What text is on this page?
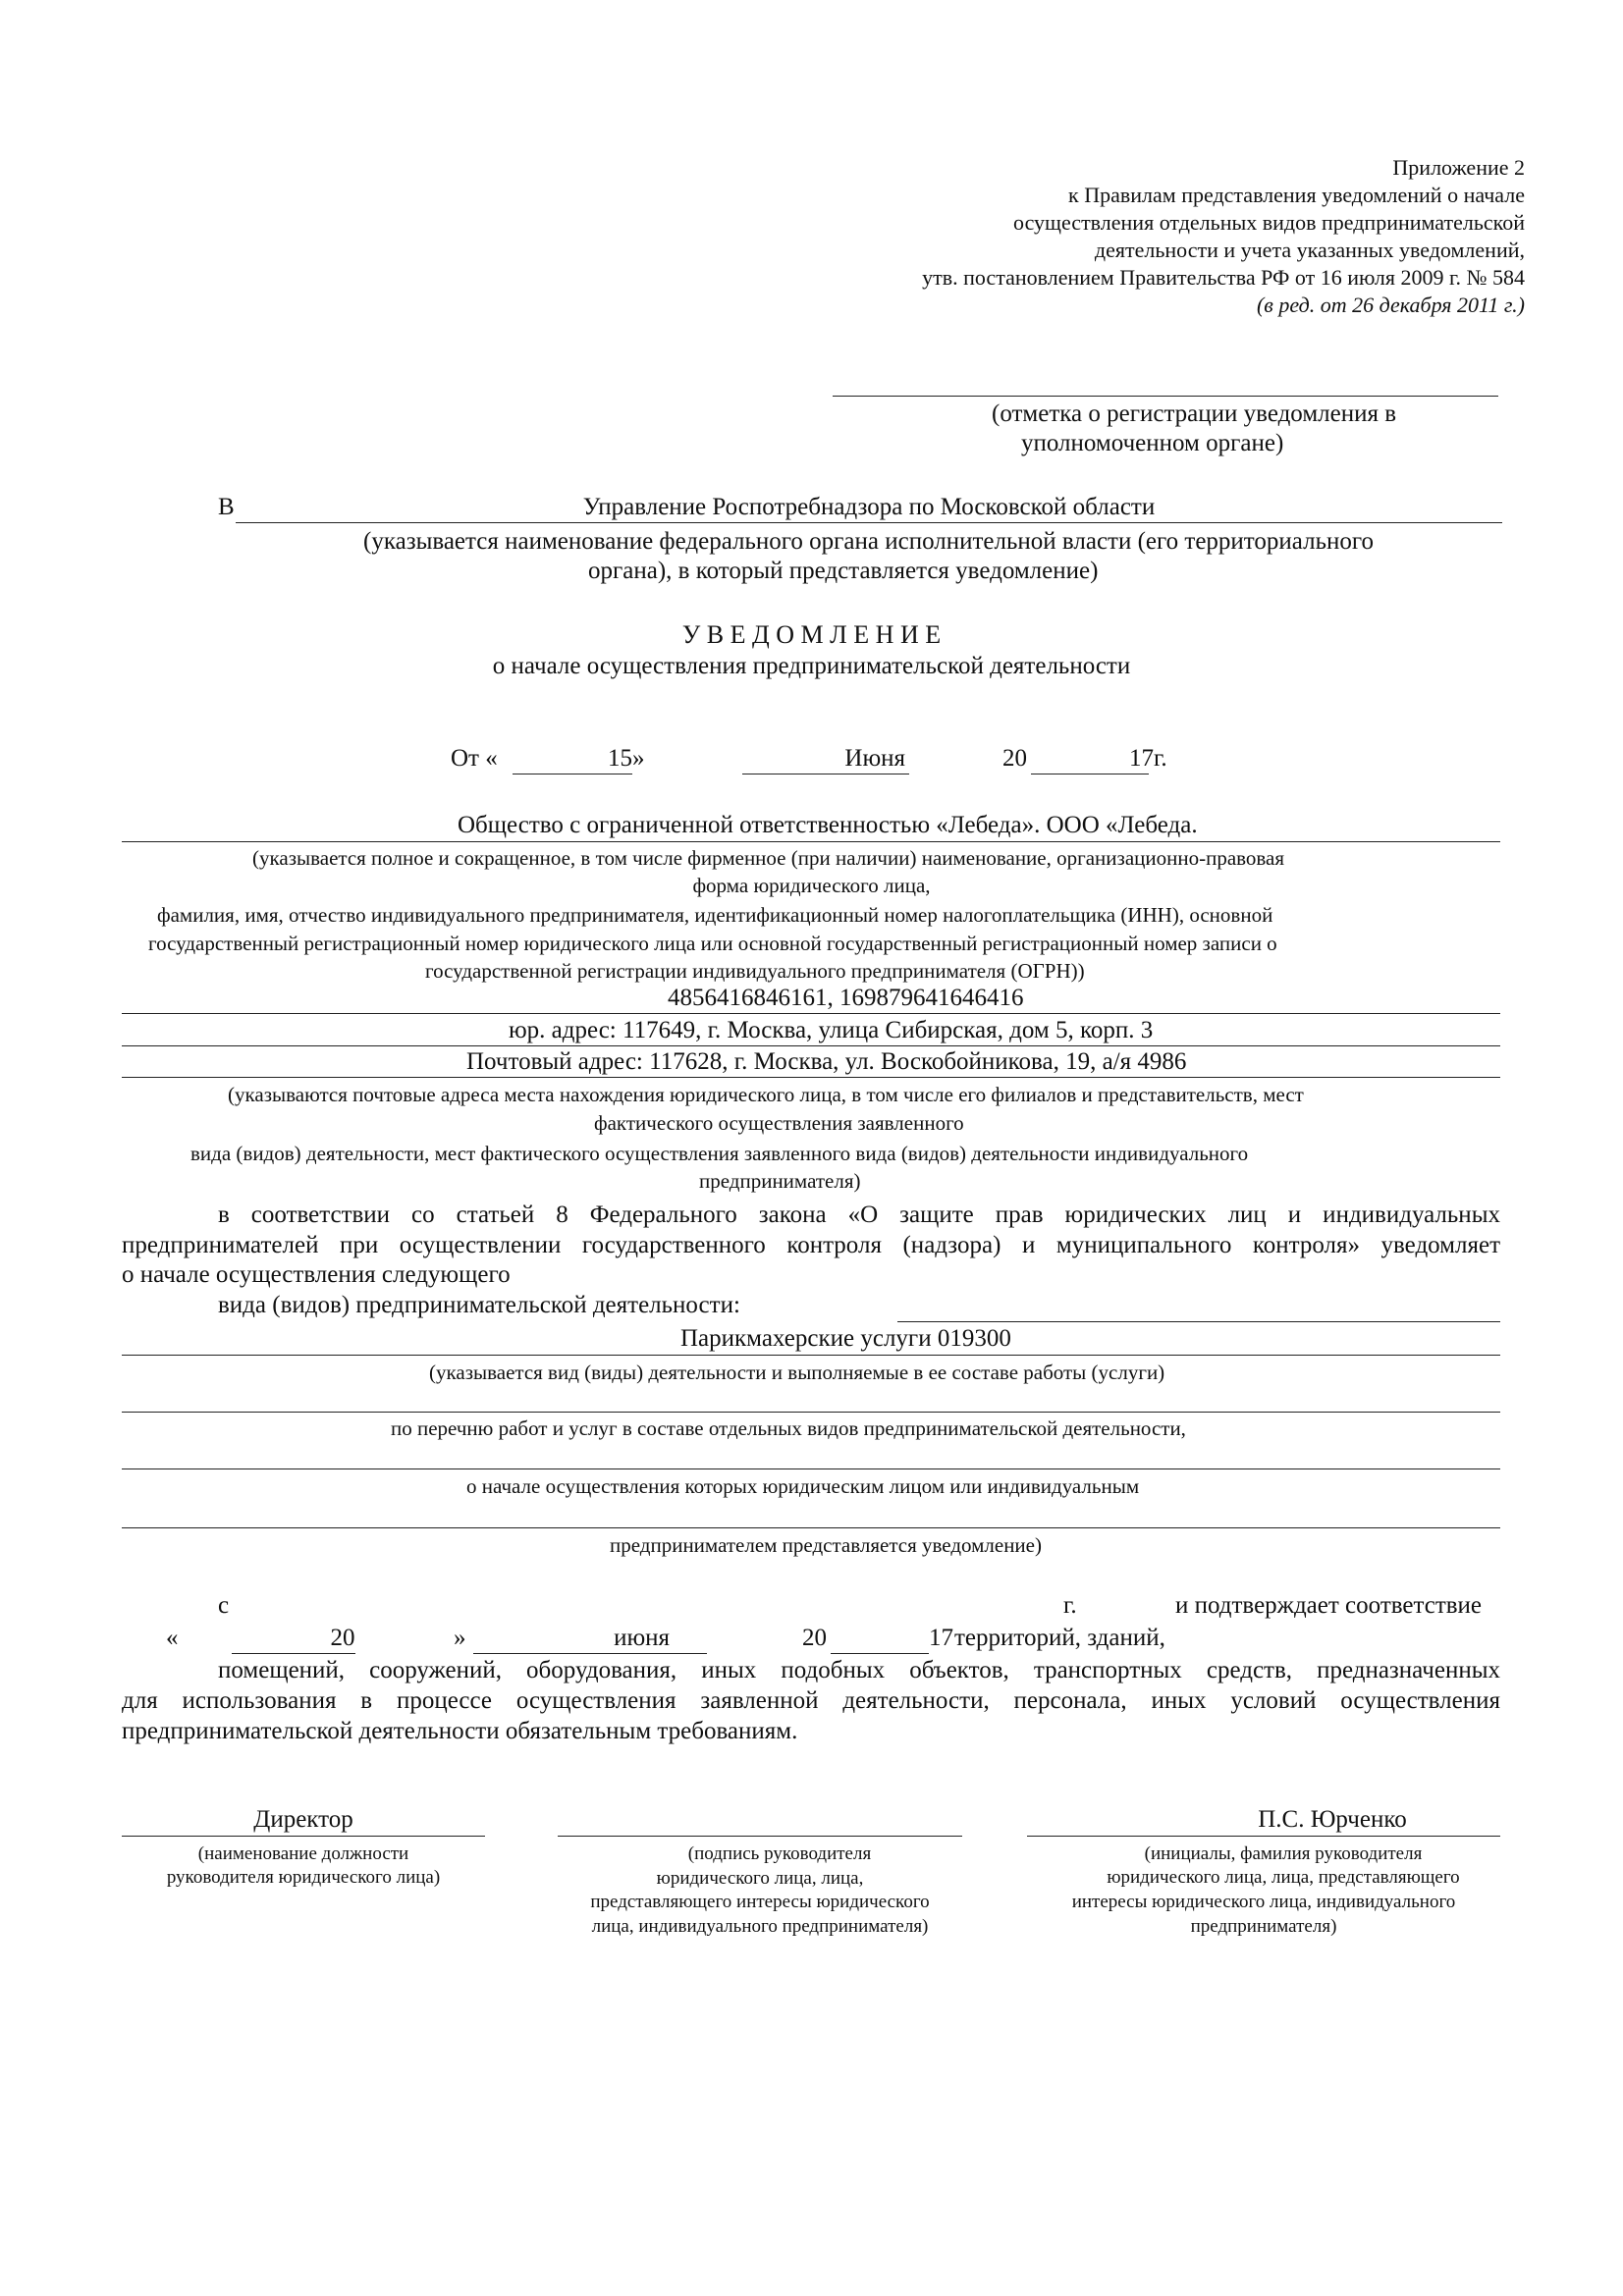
Приложение 2
к Правилам представления уведомлений о начале
осуществления отдельных видов предпринимательской
деятельности и учета указанных уведомлений,
утв. постановлением Правительства РФ от 16 июля 2009 г. № 584
(в ред. от 26 декабря 2011 г.)
(отметка о регистрации уведомления в
уполномоченном органе)
В	Управление Роспотребнадзора по Московской области
(указывается наименование федерального органа исполнительной власти (его территориального
органа), в который представляется уведомление)
У В Е Д О М Л Е Н И Е
о начале осуществления предпринимательской деятельности
От «	15 »	Июня	20	17г.
Общество с ограниченной ответственностью «Лебеда». ООО «Лебеда.
(указывается полное и сокращенное, в том числе фирменное (при наличии) наименование, организационно-правовая
форма юридического лица,
фамилия, имя, отчество индивидуального предпринимателя, идентификационный номер налогоплательщика (ИНН), основной
государственный регистрационный номер юридического лица или основной государственный регистрационный номер записи о
государственной регистрации индивидуального предпринимателя (ОГРН))
4856416846161, 169879641646416
юр. адрес: 117649, г. Москва, улица Сибирская, дом 5, корп. 3
Почтовый адрес: 117628, г. Москва, ул. Воскобойникова, 19, а/я 4986
(указываются почтовые адреса места нахождения юридического лица, в том числе его филиалов и представительств, мест
фактического осуществления заявленного
вида (видов) деятельности, мест фактического осуществления заявленного вида (видов) деятельности индивидуального
предпринимателя)
в соответствии со статьей 8 Федерального закона «О защите прав юридических лиц и индивидуальных
предпринимателей при осуществлении государственного контроля (надзора) и муниципального контроля» уведомляет
о начале осуществления следующего
вида (видов) предпринимательской деятельности:
Парикмахерские услуги 019300
(указывается вид (виды) деятельности и выполняемые в ее составе работы (услуги)
по перечню работ и услуг в составе отдельных видов предпринимательской деятельности,
о начале осуществления которых юридическим лицом или индивидуальным
предпринимателем представляется уведомление)
с	г.	и подтверждает соответствие
«	20	»	июня	20	17 территорий, зданий,
помещений, сооружений, оборудования, иных подобных объектов, транспортных средств, предназначенных
для использования в процессе осуществления заявленной деятельности, персонала, иных условий осуществления
предпринимательской деятельности обязательным требованиям.
Директор
(наименование должности
руководителя юридического лица)
(подпись руководителя
юридического лица, лица,
представляющего интересы юридического
лица, индивидуального предпринимателя)
П.С. Юрченко
(инициалы, фамилия руководителя
юридического лица, лица, представляющего
интересы юридического лица, индивидуального
предпринимателя)
